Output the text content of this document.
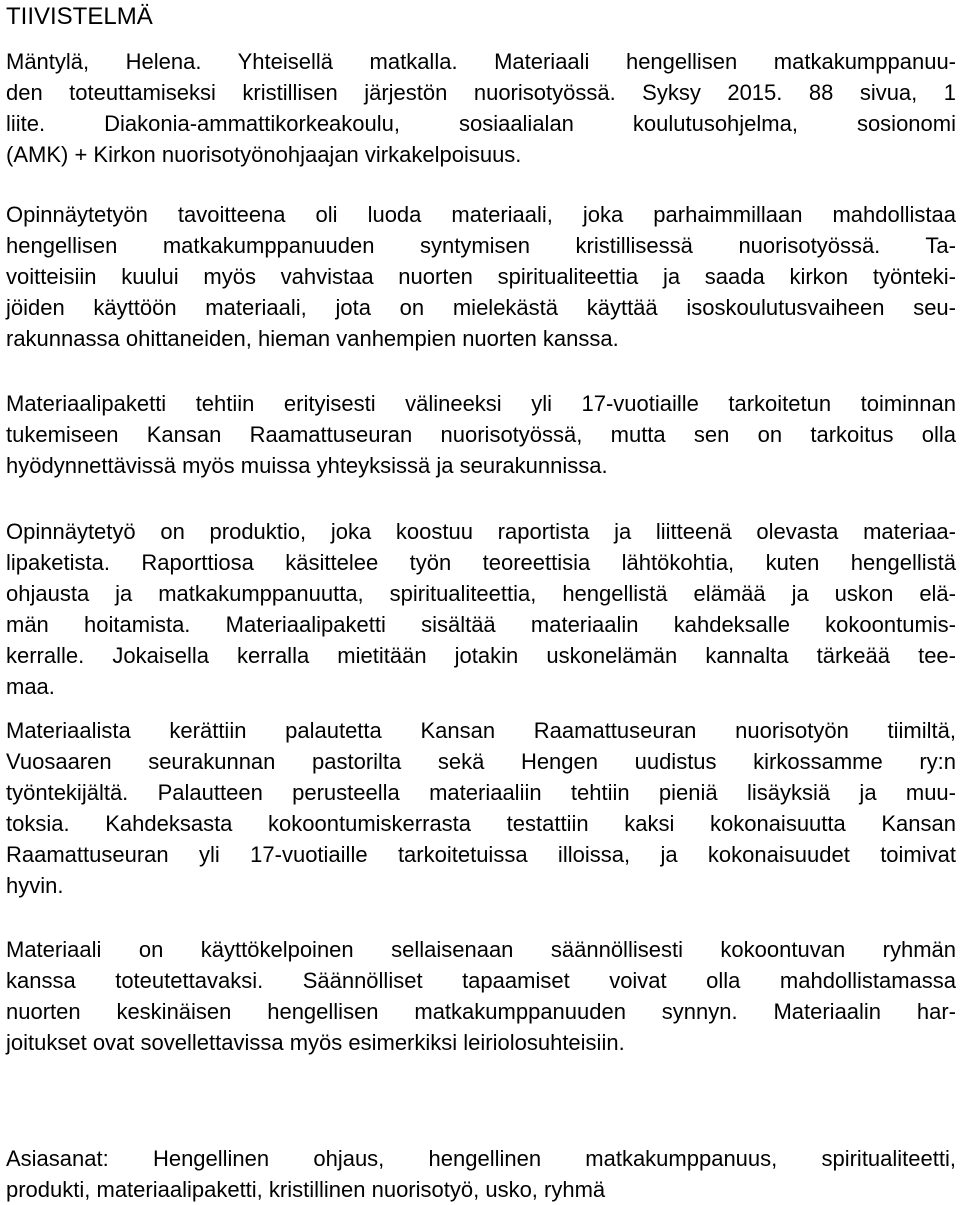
TIIVISTELMÄ
Mäntylä, Helena. Yhteisellä matkalla. Materiaali hengellisen matkakumppanuu-
den toteuttamiseksi kristillisen järjestön nuorisotyössä. Syksy 2015. 88 sivua, 1
liite. Diakonia-ammattikorkeakoulu, sosiaalialan koulutusohjelma, sosionomi
(AMK) + Kirkon nuorisotyönohjaajan virkakelpoisuus.
Opinnäytetyön tavoitteena oli luoda materiaali, joka parhaimmillaan mahdollistaa
hengellisen matkakumppanuuden syntymisen kristillisessä nuorisotyössä. Ta-
voitteisiin kuului myös vahvistaa nuorten spiritualiteettia ja saada kirkon työnteki-
jöiden käyttöön materiaali, jota on mielekästä käyttää isoskoulutusvaiheen seu-
rakunnassa ohittaneiden, hieman vanhempien nuorten kanssa.
Materiaalipaketti tehtiin erityisesti välineeksi yli 17-vuotiaille tarkoitetun toiminnan
tukemiseen Kansan Raamattuseuran nuorisotyössä, mutta sen on tarkoitus olla
hyödynnettävissä myös muissa yhteyksissä ja seurakunnissa.
Opinnäytetyö on produktio, joka koostuu raportista ja liitteenä olevasta materiaa-
lipaketista. Raporttiosa käsittelee työn teoreettisia lähtökohtia, kuten hengellistä
ohjausta ja matkakumppanuutta, spiritualiteettia, hengellistä elämää ja uskon elä-
män hoitamista. Materiaalipaketti sisältää materiaalin kahdeksalle kokoontumis-
kerralle. Jokaisella kerralla mietitään jotakin uskonelämän kannalta tärkeää tee-
maa.
Materiaalista kerättiin palautetta Kansan Raamattuseuran nuorisotyön tiimiltä,
Vuosaaren seurakunnan pastorilta sekä Hengen uudistus kirkossamme ry:n
työntekijältä. Palautteen perusteella materiaaliin tehtiin pieniä lisäyksiä ja muu-
toksia. Kahdeksasta kokoontumiskerrasta testattiin kaksi kokonaisuutta Kansan
Raamattuseuran yli 17-vuotiaille tarkoitetuissa illoissa, ja kokonaisuudet toimivat
hyvin.
Materiaali on käyttökelpoinen sellaisenaan säännöllisesti kokoontuvan ryhmän
kanssa toteutettavaksi. Säännölliset tapaamiset voivat olla mahdollistamassa
nuorten keskinäisen hengellisen matkakumppanuuden synnyn. Materiaalin har-
joitukset ovat sovellettavissa myös esimerkiksi leiriolosuhteisiin.
Asiasanat: Hengellinen ohjaus, hengellinen matkakumppanuus, spiritualiteetti,
produkti, materiaalipaketti, kristillinen nuorisotyö, usko, ryhmä
